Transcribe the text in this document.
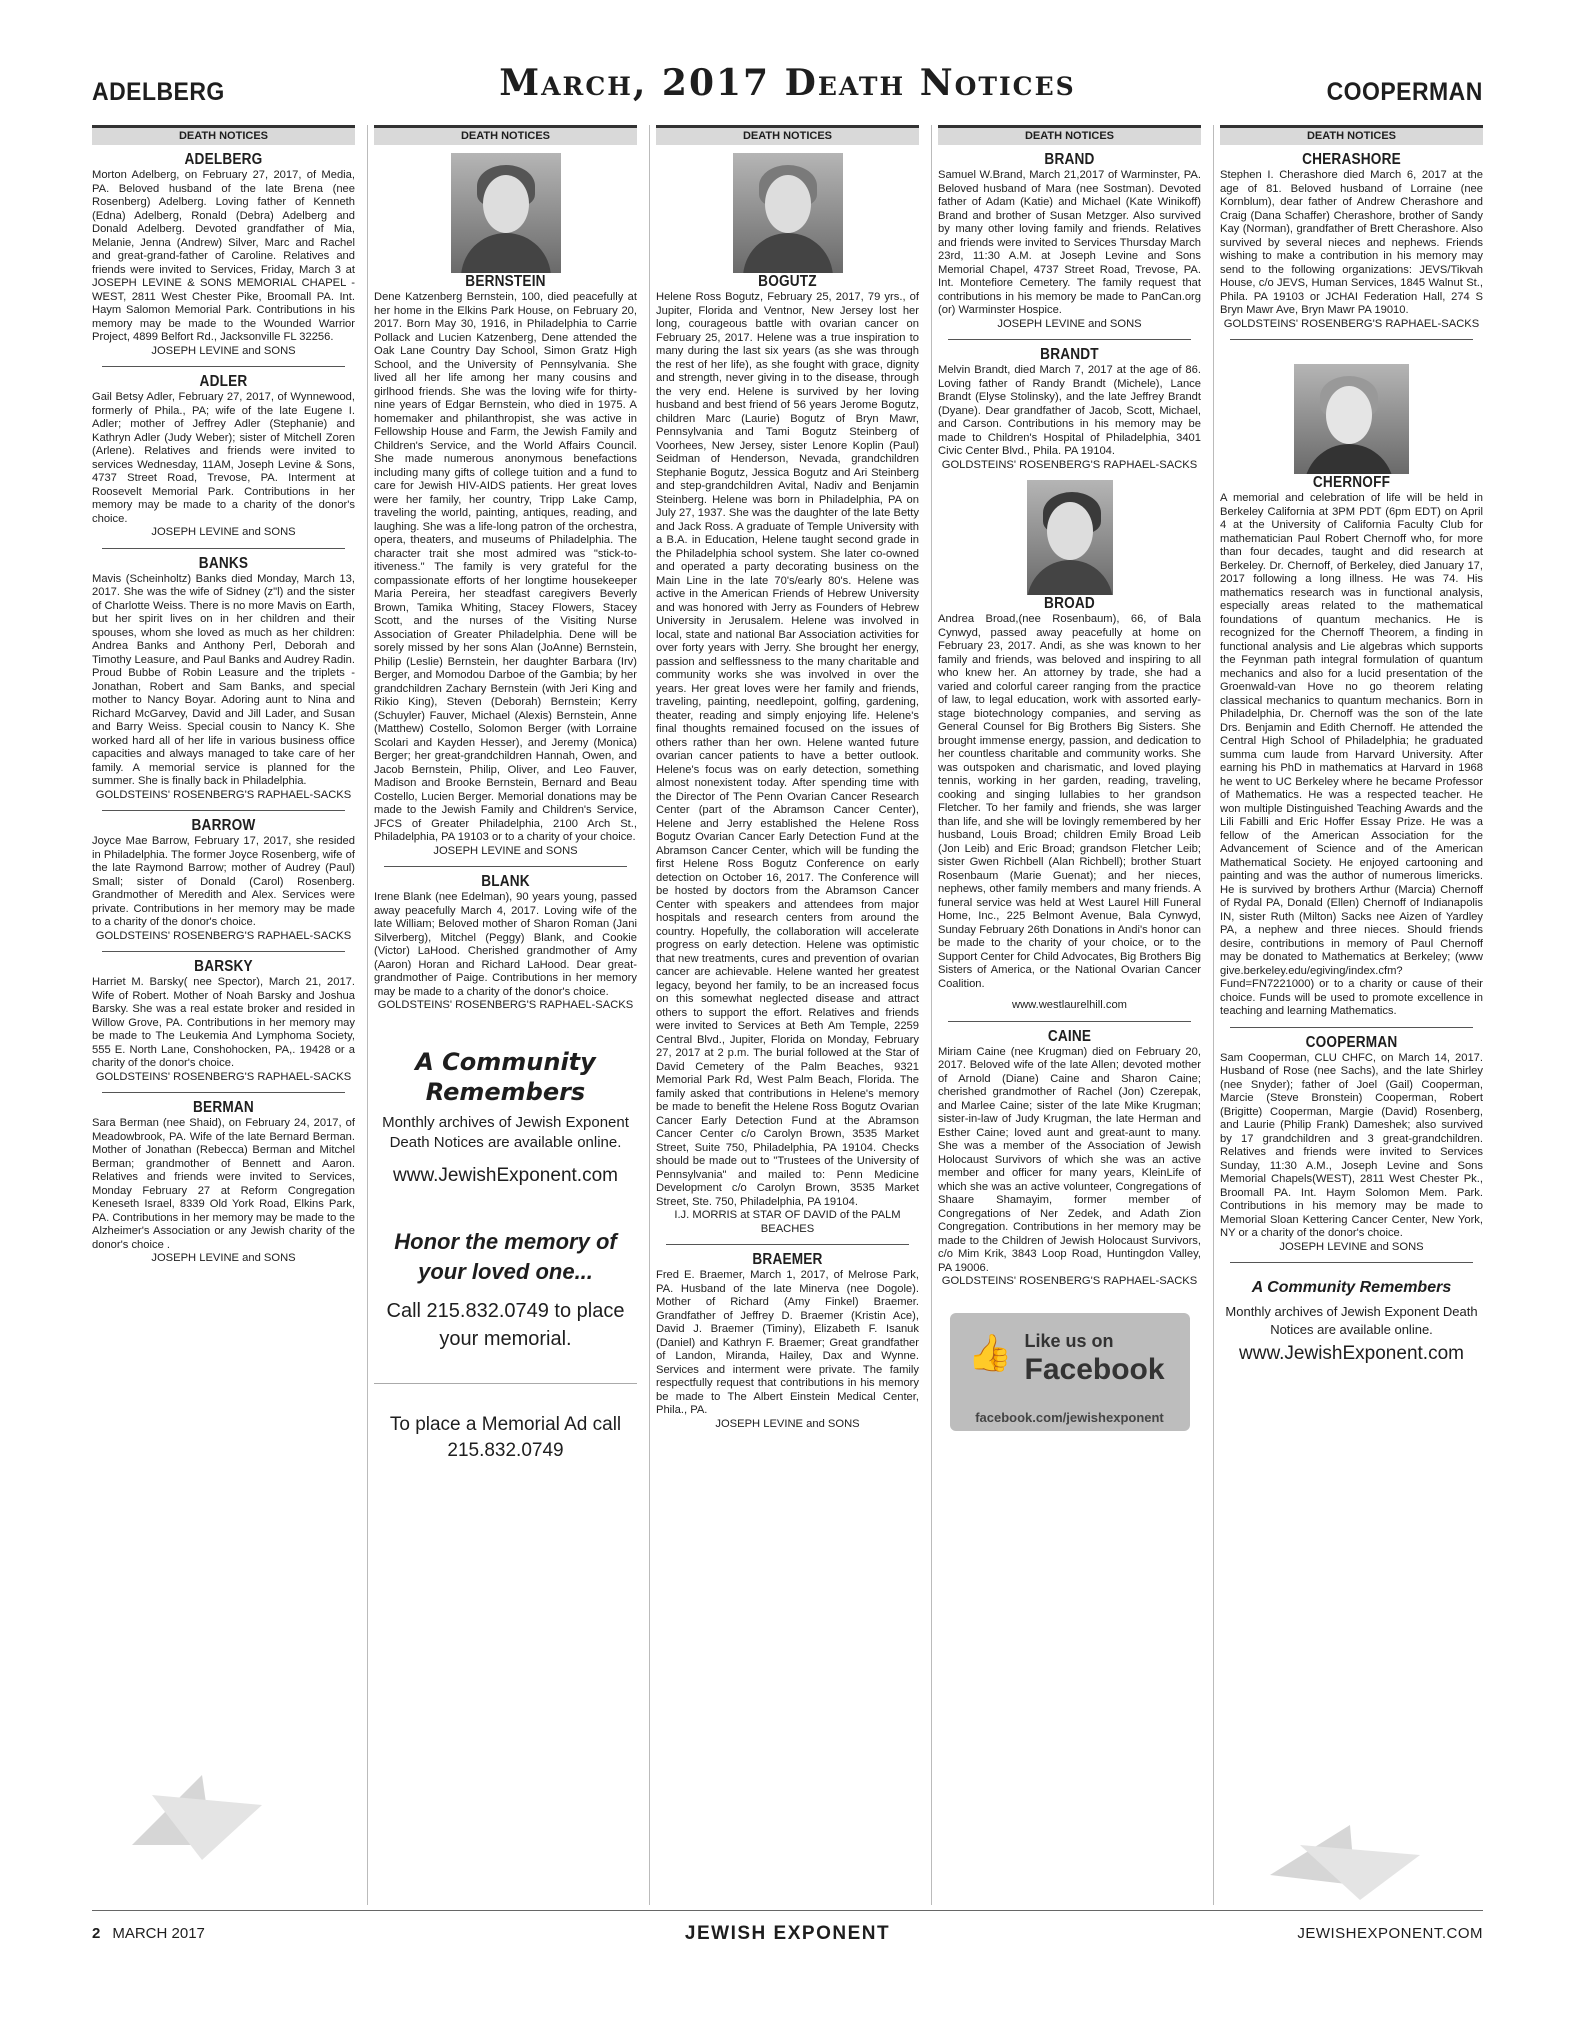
ADELBERG	March, 2017 Death Notices	COOPERMAN
DEATH NOTICES
ADELBERG

Morton Adelberg, on February 27, 2017, of Media, PA. Beloved husband of the late Brena (nee Rosenberg) Adelberg. Loving father of Kenneth (Edna) Adelberg, Ronald (Debra) Adelberg and Donald Adelberg. Devoted grandfather of Mia, Melanie, Jenna (Andrew) Silver, Marc and Rachel and great-grand-father of Caroline. Relatives and friends were invited to Services, Friday, March 3 at JOSEPH LEVINE & SONS MEMORIAL CHAPEL - WEST, 2811 West Chester Pike, Broomall PA. Int. Haym Salomon Memorial Park. Contributions in his memory may be made to the Wounded Warrior Project, 4899 Belfort Rd., Jacksonville FL 32256.

JOSEPH LEVINE and SONS
ADLER

Gail Betsy Adler, February 27, 2017, of Wynnewood, formerly of Phila., PA; wife of the late Eugene I. Adler; mother of Jeffrey Adler (Stephanie) and Kathryn Adler (Judy Weber); sister of Mitchell Zoren (Arlene). Relatives and friends were invited to services Wednesday, 11AM, Joseph Levine & Sons, 4737 Street Road, Trevose, PA. Interment at Roosevelt Memorial Park. Contributions in her memory may be made to a charity of the donor's choice.

JOSEPH LEVINE and SONS
BANKS

Mavis (Scheinholtz) Banks died Monday, March 13, 2017. She was the wife of Sidney (z"l) and the sister of Charlotte Weiss. There is no more Mavis on Earth, but her spirit lives on in her children and their spouses, whom she loved as much as her children: Andrea Banks and Anthony Perl, Deborah and Timothy Leasure, and Paul Banks and Audrey Radin. Proud Bubbe of Robin Leasure and the triplets - Jonathan, Robert and Sam Banks, and special mother to Nancy Boyar. Adoring aunt to Nina and Richard McGarvey, David and Jill Lader, and Susan and Barry Weiss. Special cousin to Nancy K. She worked hard all of her life in various business office capacities and always managed to take care of her family. A memorial service is planned for the summer. She is finally back in Philadelphia.

GOLDSTEINS' ROSENBERG'S RAPHAEL-SACKS
BARROW

Joyce Mae Barrow, February 17, 2017, she resided in Philadelphia. The former Joyce Rosenberg, wife of the late Raymond Barrow; mother of Audrey (Paul) Small; sister of Donald (Carol) Rosenberg. Grandmother of Meredith and Alex. Services were private. Contributions in her memory may be made to a charity of the donor's choice.

GOLDSTEINS' ROSENBERG'S RAPHAEL-SACKS
BARSKY

Harriet M. Barsky( nee Spector), March 21, 2017. Wife of Robert. Mother of Noah Barsky and Joshua Barsky. She was a real estate broker and resided in Willow Grove, PA. Contributions in her memory may be made to The Leukemia And Lymphoma Society, 555 E. North Lane, Conshohocken, PA,. 19428 or a charity of the donor's choice.

GOLDSTEINS' ROSENBERG'S RAPHAEL-SACKS
BERMAN

Sara Berman (nee Shaid), on February 24, 2017, of Meadowbrook, PA. Wife of the late Bernard Berman. Mother of Jonathan (Rebecca) Berman and Mitchel Berman; grandmother of Bennett and Aaron. Relatives and friends were invited to Services, Monday February 27 at Reform Congregation Keneseth Israel, 8339 Old York Road, Elkins Park, PA. Contributions in her memory may be made to the Alzheimer's Association or any Jewish charity of the donor's choice .

JOSEPH LEVINE and SONS
DEATH NOTICES
BERNSTEIN

Dene Katzenberg Bernstein, 100, died peacefully at her home in the Elkins Park House, on February 20, 2017. Born May 30, 1916, in Philadelphia to Carrie Pollack and Lucien Katzenberg, Dene attended the Oak Lane Country Day School, Simon Gratz High School, and the University of Pennsylvania. She lived all her life among her many cousins and girlhood friends. She was the loving wife for thirty-nine years of Edgar Bernstein, who died in 1975. A homemaker and philanthropist, she was active in Fellowship House and Farm, the Jewish Family and Children's Service, and the World Affairs Council. She made numerous anonymous benefactions including many gifts of college tuition and a fund to care for Jewish HIV-AIDS patients. Her great loves were her family, her country, Tripp Lake Camp, traveling the world, painting, antiques, reading, and laughing. She was a life-long patron of the orchestra, opera, theaters, and museums of Philadelphia. The character trait she most admired was "stick-to-itiveness." The family is very grateful for the compassionate efforts of her longtime housekeeper Maria Pereira, her steadfast caregivers Beverly Brown, Tamika Whiting, Stacey Flowers, Stacey Scott, and the nurses of the Visiting Nurse Association of Greater Philadelphia. Dene will be sorely missed by her sons Alan (JoAnne) Bernstein, Philip (Leslie) Bernstein, her daughter Barbara (Irv) Berger, and Momodou Darboe of the Gambia; by her grandchildren Zachary Bernstein (with Jeri King and Rikio King), Steven (Deborah) Bernstein; Kerry (Schuyler) Fauver, Michael (Alexis) Bernstein, Anne (Matthew) Costello, Solomon Berger (with Lorraine Scolari and Kayden Hesser), and Jeremy (Monica) Berger; her great-grandchildren Hannah, Owen, and Jacob Bernstein, Philip, Oliver, and Leo Fauver, Madison and Brooke Bernstein, Bernard and Beau Costello, Lucien Berger. Memorial donations may be made to the Jewish Family and Children's Service, JFCS of Greater Philadelphia, 2100 Arch St., Philadelphia, PA 19103 or to a charity of your choice.

JOSEPH LEVINE and SONS
BLANK

Irene Blank (nee Edelman), 90 years young, passed away peacefully March 4, 2017. Loving wife of the late William; Beloved mother of Sharon Roman (Jani Silverberg), Mitchel (Peggy) Blank, and Cookie (Victor) LaHood. Cherished grandmother of Amy (Aaron) Horan and Richard LaHood. Dear great-grandmother of Paige. Contributions in her memory may be made to a charity of the donor's choice.

GOLDSTEINS' ROSENBERG'S RAPHAEL-SACKS
A Community Remembers
Monthly archives of Jewish Exponent Death Notices are available online.
www.JewishExponent.com
Honor the memory of your loved one...
Call 215.832.0749 to place your memorial.
To place a Memorial Ad call 215.832.0749
DEATH NOTICES
BOGUTZ

Helene Ross Bogutz, February 25, 2017, 79 yrs., of Jupiter, Florida and Ventnor, New Jersey lost her long, courageous battle with ovarian cancer on February 25, 2017. Helene was a true inspiration to many during the last six years (as she was through the rest of her life), as she fought with grace, dignity and strength, never giving in to the disease, through the very end. Helene is survived by her loving husband and best friend of 56 years Jerome Bogutz, children Marc (Laurie) Bogutz of Bryn Mawr, Pennsylvania and Tami Bogutz Steinberg of Voorhees, New Jersey, sister Lenore Koplin (Paul) Seidman of Henderson, Nevada, grandchildren Stephanie Bogutz, Jessica Bogutz and Ari Steinberg and step-grandchildren Avital, Nadiv and Benjamin Steinberg. Helene was born in Philadelphia, PA on July 27, 1937. She was the daughter of the late Betty and Jack Ross. A graduate of Temple University with a B.A. in Education, Helene taught second grade in the Philadelphia school system. She later co-owned and operated a party decorating business on the Main Line in the late 70's/early 80's. Helene was active in the American Friends of Hebrew University and was honored with Jerry as Founders of Hebrew University in Jerusalem. Helene was involved in local, state and national Bar Association activities for over forty years with Jerry. She brought her energy, passion and selflessness to the many charitable and community works she was involved in over the years. Her great loves were her family and friends, traveling, painting, needlepoint, golfing, gardening, theater, reading and simply enjoying life. Helene's final thoughts remained focused on the issues of others rather than her own. Helene wanted future ovarian cancer patients to have a better outlook. Helene's focus was on early detection, something almost nonexistent today. After spending time with the Director of The Penn Ovarian Cancer Research Center (part of the Abramson Cancer Center), Helene and Jerry established the Helene Ross Bogutz Ovarian Cancer Early Detection Fund at the Abramson Cancer Center, which will be funding the first Helene Ross Bogutz Conference on early detection on October 16, 2017. The Conference will be hosted by doctors from the Abramson Cancer Center with speakers and attendees from major hospitals and research centers from around the country. Hopefully, the collaboration will accelerate progress on early detection. Helene was optimistic that new treatments, cures and prevention of ovarian cancer are achievable. Helene wanted her greatest legacy, beyond her family, to be an increased focus on this somewhat neglected disease and attract others to support the effort. Relatives and friends were invited to Services at Beth Am Temple, 2259 Central Blvd., Jupiter, Florida on Monday, February 27, 2017 at 2 p.m. The burial followed at the Star of David Cemetery of the Palm Beaches, 9321 Memorial Park Rd, West Palm Beach, Florida. The family asked that contributions in Helene's memory be made to benefit the Helene Ross Bogutz Ovarian Cancer Early Detection Fund at the Abramson Cancer Center c/o Carolyn Brown, 3535 Market Street, Suite 750, Philadelphia, PA 19104. Checks should be made out to "Trustees of the University of Pennsylvania" and mailed to: Penn Medicine Development c/o Carolyn Brown, 3535 Market Street, Ste. 750, Philadelphia, PA 19104.

I.J. MORRIS at STAR OF DAVID of the PALM BEACHES
BRAEMER

Fred E. Braemer, March 1, 2017, of Melrose Park, PA. Husband of the late Minerva (nee Dogole). Mother of Richard (Amy Finkel) Braemer. Grandfather of Jeffrey D. Braemer (Kristin Ace), David J. Braemer (Timiny), Elizabeth F. Isanuk (Daniel) and Kathryn F. Braemer; Great grandfather of Landon, Miranda, Hailey, Dax and Wynne. Services and interment were private. The family respectfully request that contributions in his memory be made to The Albert Einstein Medical Center, Phila., PA.

JOSEPH LEVINE and SONS
DEATH NOTICES
BRAND

Samuel W.Brand, March 21,2017 of Warminster, PA. Beloved husband of Mara (nee Sostman). Devoted father of Adam (Katie) and Michael (Kate Winikoff) Brand and brother of Susan Metzger. Also survived by many other loving family and friends. Relatives and friends were invited to Services Thursday March 23rd, 11:30 A.M. at Joseph Levine and Sons Memorial Chapel, 4737 Street Road, Trevose, PA. Int. Montefiore Cemetery. The family request that contributions in his memory be made to PanCan.org (or) Warminster Hospice.

JOSEPH LEVINE and SONS
BRANDT

Melvin Brandt, died March 7, 2017 at the age of 86. Loving father of Randy Brandt (Michele), Lance Brandt (Elyse Stolinsky), and the late Jeffrey Brandt (Dyane). Dear grandfather of Jacob, Scott, Michael, and Carson. Contributions in his memory may be made to Children's Hospital of Philadelphia, 3401 Civic Center Blvd., Phila. PA 19104.

GOLDSTEINS' ROSENBERG'S RAPHAEL-SACKS
BROAD

Andrea Broad,(nee Rosenbaum), 66, of Bala Cynwyd, passed away peacefully at home on February 23, 2017. Andi, as she was known to her family and friends, was beloved and inspiring to all who knew her. An attorney by trade, she had a varied and colorful career ranging from the practice of law, to legal education, work with assorted early-stage biotechnology companies, and serving as General Counsel for Big Brothers Big Sisters. She brought immense energy, passion, and dedication to her countless charitable and community works. She was outspoken and charismatic, and loved playing tennis, working in her garden, reading, traveling, cooking and singing lullabies to her grandson Fletcher. To her family and friends, she was larger than life, and she will be lovingly remembered by her husband, Louis Broad; children Emily Broad Leib (Jon Leib) and Eric Broad; grandson Fletcher Leib; sister Gwen Richbell (Alan Richbell); brother Stuart Rosenbaum (Marie Guenat); and her nieces, nephews, other family members and many friends. A funeral service was held at West Laurel Hill Funeral Home, Inc., 225 Belmont Avenue, Bala Cynwyd, Sunday February 26th Donations in Andi's honor can be made to the charity of your choice, or to the Support Center for Child Advocates, Big Brothers Big Sisters of America, or the National Ovarian Cancer Coalition.

www.westlaurelhill.com
CAINE

Miriam Caine (nee Krugman) died on February 20, 2017. Beloved wife of the late Allen; devoted mother of Arnold (Diane) Caine and Sharon Caine; cherished grandmother of Rachel (Jon) Czerepak, and Marlee Caine; sister of the late Mike Krugman; sister-in-law of Judy Krugman, the late Herman and Esther Caine; loved aunt and great-aunt to many. She was a member of the Association of Jewish Holocaust Survivors of which she was an active member and officer for many years, KleinLife of which she was an active volunteer, Congregations of Shaare Shamayim, former member of Congregations of Ner Zedek, and Adath Zion Congregation. Contributions in her memory may be made to the Children of Jewish Holocaust Survivors, c/o Mim Krik, 3843 Loop Road, Huntingdon Valley, PA 19006.

GOLDSTEINS' ROSENBERG'S RAPHAEL-SACKS
👍 Like us on
Facebook
facebook.com/jewishexponent
DEATH NOTICES
CHERASHORE

Stephen I. Cherashore died March 6, 2017 at the age of 81. Beloved husband of Lorraine (nee Kornblum), dear father of Andrew Cherashore and Craig (Dana Schaffer) Cherashore, brother of Sandy Kay (Norman), grandfather of Brett Cherashore. Also survived by several nieces and nephews. Friends wishing to make a contribution in his memory may send to the following organizations: JEVS/Tikvah House, c/o JEVS, Human Services, 1845 Walnut St., Phila. PA 19103 or JCHAI Federation Hall, 274 S Bryn Mawr Ave, Bryn Mawr PA 19010.

GOLDSTEINS' ROSENBERG'S RAPHAEL-SACKS
CHERNOFF

A memorial and celebration of life will be held in Berkeley California at 3PM PDT (6pm EDT) on April 4 at the University of California Faculty Club for mathematician Paul Robert Chernoff who, for more than four decades, taught and did research at Berkeley. Dr. Chernoff, of Berkeley, died January 17, 2017 following a long illness. He was 74. His mathematics research was in functional analysis, especially areas related to the mathematical foundations of quantum mechanics. He is recognized for the Chernoff Theorem, a finding in functional analysis and Lie algebras which supports the Feynman path integral formulation of quantum mechanics and also for a lucid presentation of the Groenwald-van Hove no go theorem relating classical mechanics to quantum mechanics. Born in Philadelphia, Dr. Chernoff was the son of the late Drs. Benjamin and Edith Chernoff. He attended the Central High School of Philadelphia; he graduated summa cum laude from Harvard University. After earning his PhD in mathematics at Harvard in 1968 he went to UC Berkeley where he became Professor of Mathematics. He was a respected teacher. He won multiple Distinguished Teaching Awards and the Lili Fabilli and Eric Hoffer Essay Prize. He was a fellow of the American Association for the Advancement of Science and of the American Mathematical Society. He enjoyed cartooning and painting and was the author of numerous limericks. He is survived by brothers Arthur (Marcia) Chernoff of Rydal PA, Donald (Ellen) Chernoff of Indianapolis IN, sister Ruth (Milton) Sacks nee Aizen of Yardley PA, a nephew and three nieces. Should friends desire, contributions in memory of Paul Chernoff may be donated to Mathematics at Berkeley; (www give.berkeley.edu/egiving/index.cfm?Fund=FN7221000) or to a charity or cause of their choice. Funds will be used to promote excellence in teaching and learning Mathematics.

COOPERMAN

Sam Cooperman, CLU CHFC, on March 14, 2017. Husband of Rose (nee Sachs), and the late Shirley (nee Snyder); father of Joel (Gail) Cooperman, Marcie (Steve Bronstein) Cooperman, Robert (Brigitte) Cooperman, Margie (David) Rosenberg, and Laurie (Philip Frank) Dameshek; also survived by 17 grandchildren and 3 great-grandchildren. Relatives and friends were invited to Services Sunday, 11:30 A.M., Joseph Levine and Sons Memorial Chapels(WEST), 2811 West Chester Pk., Broomall PA. Int. Haym Solomon Mem. Park. Contributions in his memory may be made to Memorial Sloan Kettering Cancer Center, New York, NY or a charity of the donor's choice.

JOSEPH LEVINE and SONS
A Community Remembers
Monthly archives of Jewish Exponent Death Notices are available online.
www.JewishExponent.com
2 MARCH 2017	JEWISH EXPONENT	JEWISHEXPONENT.COM
